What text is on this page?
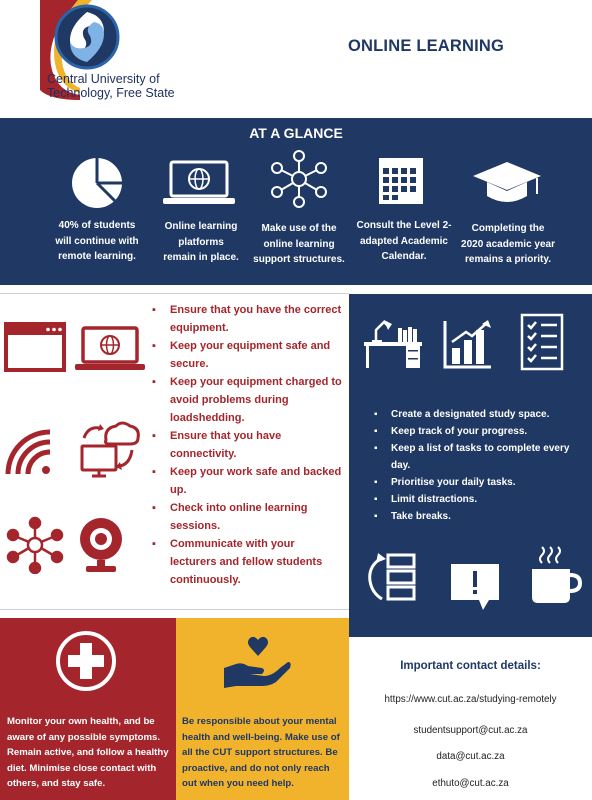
Central University of
Technology, Free State
ONLINE LEARNING
AT A GLANCE
40% of students
will continue with
remote learning.
Online learning
platforms
remain in place.
Make use of the
online learning
support structures.
Consult the Level 2-
adapted Academic
Calendar.
Completing the
2020 academic year
remains a priority.
▪ Ensure that you have the correct equipment.
▪ Keep your equipment safe and secure.
▪ Keep your equipment charged to avoid problems during loadshedding.
▪ Ensure that you have connectivity.
▪ Keep your work safe and backed up.
▪ Check into online learning sessions.
▪ Communicate with your lecturers and fellow students continuously.
▪ Create a designated study space.
▪ Keep track of your progress.
▪ Keep a list of tasks to complete every day.
▪ Prioritise your daily tasks.
▪ Limit distractions.
▪ Take breaks.
Monitor your own health, and be aware of any possible symptoms. Remain active, and follow a healthy diet. Minimise close contact with others, and stay safe.
Be responsible about your mental health and well-being. Make use of all the CUT support structures. Be proactive, and do not only reach out when you need help.
Important contact details:
https://www.cut.ac.za/studying-remotely
studentsupport@cut.ac.za
data@cut.ac.za
ethuto@cut.ac.za
